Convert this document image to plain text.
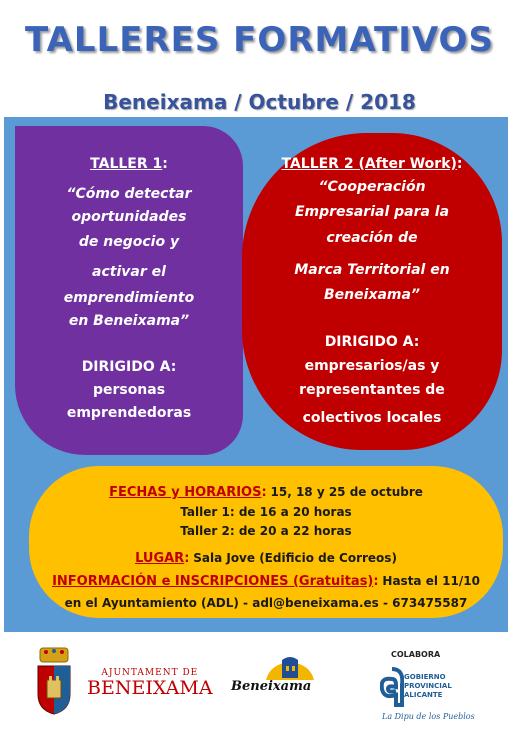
TALLERES FORMATIVOS
Beneixama / Octubre / 2018

TALLER 1:

“Cómo detectar

oportunidades

de negocio y

activar el

emprendimiento

en Beneixama”

DIRIGIDO A:

personas

emprendedoras

TALLER 2 (After Work):

“Cooperación

Empresarial para la

creación de

Marca Territorial en

Beneixama”

DIRIGIDO A:

empresarios/as y

representantes de

colectivos locales

FECHAS y HORARIOS: 15, 18 y 25 de octubre

Taller 1: de 16 a 20 horas

Taller 2: de 20 a 22 horas

LUGAR: Sala Jove (Edificio de Correos)

INFORMACIÓN e INSCRIPCIONES (Gratuitas): Hasta el 11/10

en el Ayuntamiento (ADL) - adl@beneixama.es - 673475587

AJUNTAMENT DE
BENEIXAMA Beneixama
COLABORA
GOBIERNO
PROVINCIAL
ALICANTE
La Dipu de los Pueblos
